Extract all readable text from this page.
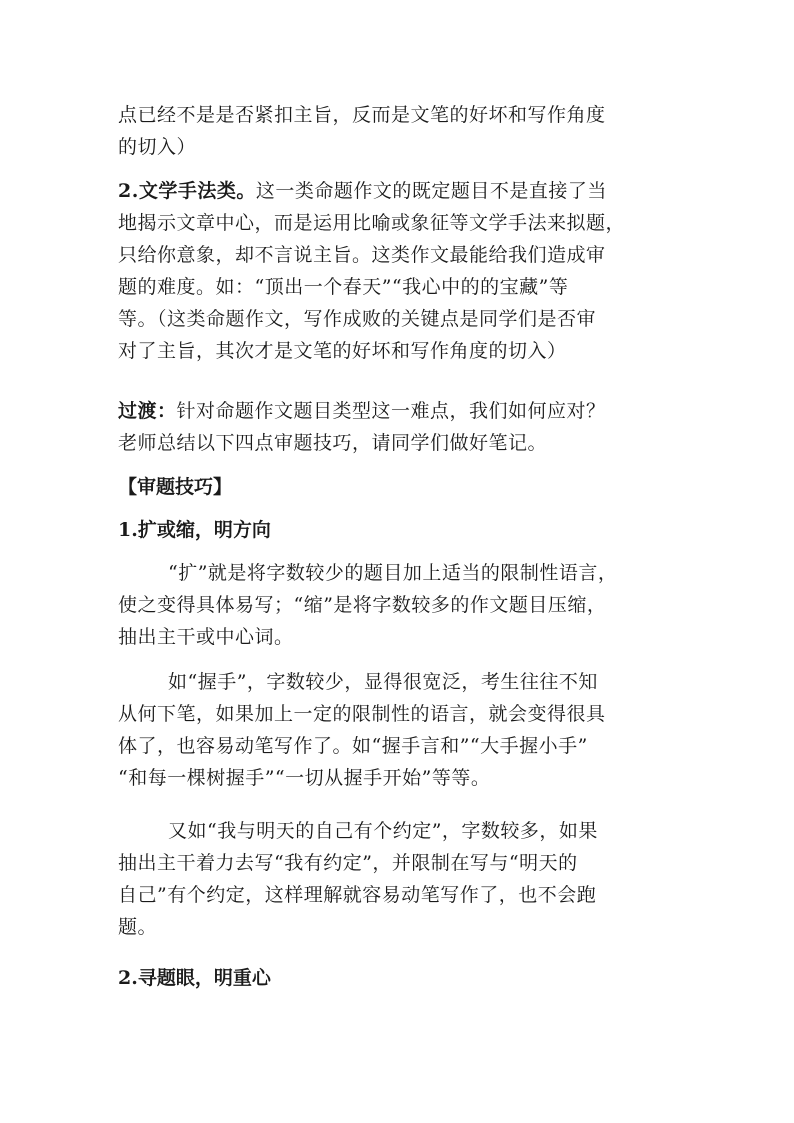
点已经不是是否紧扣主旨，反而是文笔的好坏和写作角度
的切入）
2.文学手法类。这一类命题作文的既定题目不是直接了当
地揭示文章中心，而是运用比喻或象征等文学手法来拟题，
只给你意象，却不言说主旨。这类作文最能给我们造成审
题的难度。如：“顶出一个春天”“我心中的的宝藏”等
等。（这类命题作文，写作成败的关键点是同学们是否审
对了主旨，其次才是文笔的好坏和写作角度的切入）
过渡：针对命题作文题目类型这一难点，我们如何应对？
老师总结以下四点审题技巧，请同学们做好笔记。
【审题技巧】
1.扩或缩，明方向
“扩”就是将字数较少的题目加上适当的限制性语言，
使之变得具体易写；“缩”是将字数较多的作文题目压缩，
抽出主干或中心词。
如“握手”，字数较少，显得很宽泛，考生往往不知
从何下笔，如果加上一定的限制性的语言，就会变得很具
体了，也容易动笔写作了。如“握手言和”“大手握小手”
“和每一棵树握手”“一切从握手开始”等等。
又如“我与明天的自己有个约定”，字数较多，如果
抽出主干着力去写“我有约定”，并限制在写与“明天的
自己”有个约定，这样理解就容易动笔写作了，也不会跑
题。
2.寻题眼，明重心
